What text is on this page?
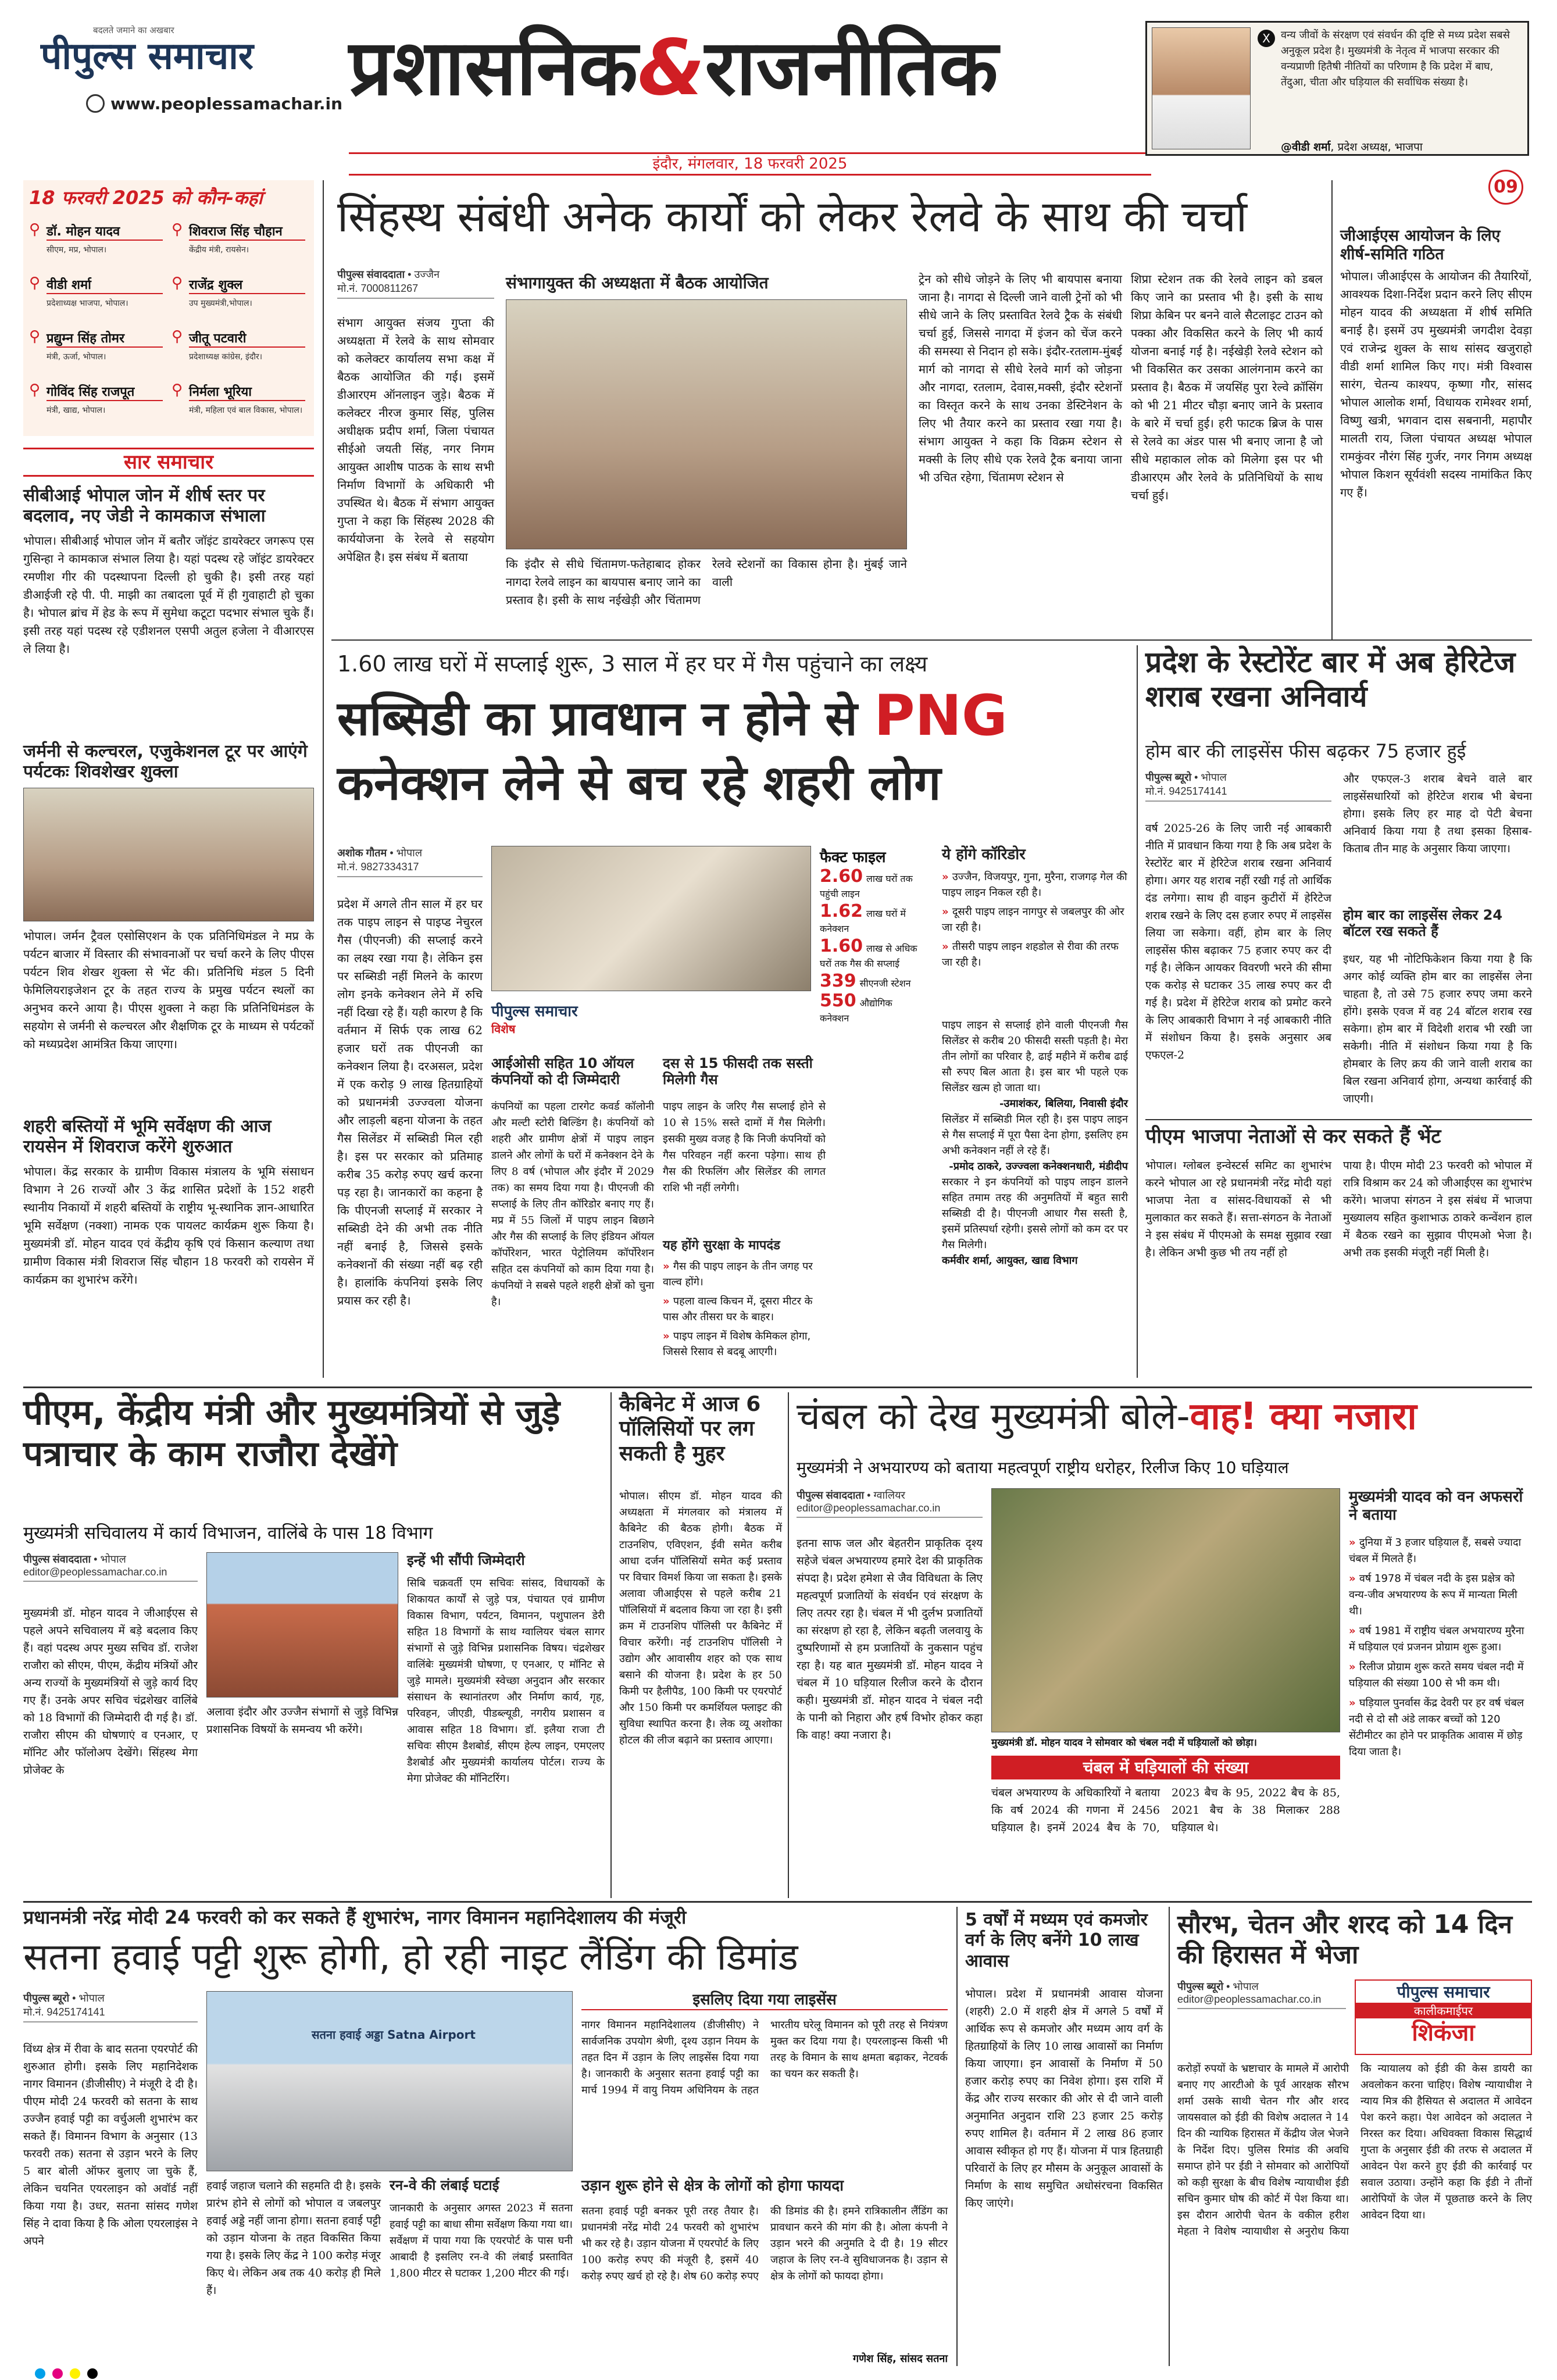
बदलते जमाने का अखबार
पीपुल्स समाचार
www.peoplessamachar.in प्रशासनिक&राजनीतिक
इंदौर, मंगलवार, 18 फरवरी 2025
X	वन्य जीवों के संरक्षण एवं संवर्धन की दृष्टि से मध्य प्रदेश सबसे अनुकूल प्रदेश है। मुख्यमंत्री के नेतृत्व में भाजपा सरकार की वन्यप्राणी हितैषी नीतियों का परिणाम है कि प्रदेश में बाघ, तेंदुआ, चीता और घड़ियाल की सर्वाधिक संख्या है।
@वीडी शर्मा, प्रदेश अध्यक्ष, भाजपा
09
18 फरवरी 2025 को कौन-कहां
⚲ डॉ. मोहन यादव
सीएम, मप्र, भोपाल।
⚲ शिवराज सिंह चौहान
केंद्रीय मंत्री, रायसेन।
⚲ वीडी शर्मा
प्रदेशाध्यक्ष भाजपा, भोपाल।
⚲ राजेंद्र शुक्ल
उप मुख्यमंत्री,भोपाल।
⚲ प्रद्युम्न सिंह तोमर
मंत्री, ऊर्जा, भोपाल।
⚲ जीतू पटवारी
प्रदेशाध्यक्ष कांग्रेस, इंदौर।
⚲ गोविंद सिंह राजपूत
मंत्री, खाद्य, भोपाल।
⚲ निर्मला भूरिया
मंत्री, महिला एवं बाल विकास, भोपाल।
सार समाचार
सीबीआई भोपाल जोन में शीर्ष स्तर पर बदलाव, नए जेडी ने कामकाज संभाला
भोपाल। सीबीआई भोपाल जोन में बतौर जॉइंट डायरेक्टर जगरूप एस गुसिन्हा ने कामकाज संभाल लिया है। यहां पदस्थ रहे जॉइंट डायरेक्टर रमणीश गीर की पदस्थापना दिल्ली हो चुकी है। इसी तरह यहां डीआईजी रहे पी. पी. माझी का तबादला पूर्व में ही गुवाहाटी हो चुका है। भोपाल ब्रांच में हेड के रूप में सुमेधा कटूटा पदभार संभाल चुके हैं। इसी तरह यहां पदस्थ रहे एडीशनल एसपी अतुल हजेला ने वीआरएस ले लिया है।
जर्मनी से कल्चरल, एजुकेशनल टूर पर आएंगे पर्यटकः शिवशेखर शुक्ला
भोपाल। जर्मन ट्रैवल एसोसिएशन के एक प्रतिनिधिमंडल ने मप्र के पर्यटन बाजार में विस्तार की संभावनाओं पर चर्चा करने के लिए पीएस पर्यटन शिव शेखर शुक्ला से भेंट की। प्रतिनिधि मंडल 5 दिनी फेमिलियराइजेशन टूर के तहत राज्य के प्रमुख पर्यटन स्थलों का अनुभव करने आया है। पीएस शुक्ला ने कहा कि प्रतिनिधिमंडल के सहयोग से जर्मनी से कल्चरल और शैक्षणिक टूर के माध्यम से पर्यटकों को मध्यप्रदेश आमंत्रित किया जाएगा।
शहरी बस्तियों में भूमि सर्वेक्षण की आज रायसेन में शिवराज करेंगे शुरुआत
भोपाल। केंद्र सरकार के ग्रामीण विकास मंत्रालय के भूमि संसाधन विभाग ने 26 राज्यों और 3 केंद्र शासित प्रदेशों के 152 शहरी स्थानीय निकायों में शहरी बस्तियों के राष्ट्रीय भू-स्थानिक ज्ञान-आधारित भूमि सर्वेक्षण (नक्शा) नामक एक पायलट कार्यक्रम शुरू किया है। मुख्यमंत्री डॉ. मोहन यादव एवं केंद्रीय कृषि एवं किसान कल्याण तथा ग्रामीण विकास मंत्री शिवराज सिंह चौहान 18 फरवरी को रायसेन में कार्यक्रम का शुभारंभ करेंगे।
सिंहस्थ संबंधी अनेक कार्यों को लेकर रेलवे के साथ की चर्चा
पीपुल्स संवाददाता • उज्जैन
मो.नं. 7000811267
संभाग आयुक्त संजय गुप्ता की अध्यक्षता में रेलवे के साथ सोमवार को कलेक्टर कार्यालय सभा कक्ष में बैठक आयोजित की गई। इसमें डीआरएम ऑनलाइन जुड़े। बैठक में कलेक्टर नीरज कुमार सिंह, पुलिस अधीक्षक प्रदीप शर्मा, जिला पंचायत सीईओ जयती सिंह, नगर निगम आयुक्त आशीष पाठक के साथ सभी निर्माण विभागों के अधिकारी भी उपस्थित थे। बैठक में संभाग आयुक्त गुप्ता ने कहा कि सिंहस्थ 2028 की कार्ययोजना के रेलवे से सहयोग अपेक्षित है। इस संबंध में बताया
संभागायुक्त की अध्यक्षता में बैठक आयोजित
कि इंदौर से सीधे चिंतामण-फतेहाबाद होकर नागदा रेलवे लाइन का बायपास बनाए जाने का प्रस्ताव है। इसी के साथ नईखेड़ी और चिंतामण रेलवे स्टेशनों का विकास होना है। मुंबई जाने वाली
ट्रेन को सीधे जोड़ने के लिए भी बायपास बनाया जाना है। नागदा से दिल्ली जाने वाली ट्रेनों को भी सीधे जाने के लिए प्रस्तावित रेलवे ट्रैक के संबंधी चर्चा हुई, जिससे नागदा में इंजन को चेंज करने की समस्या से निदान हो सके। इंदौर-रतलाम-मुंबई मार्ग को नागदा से सीधे रेलवे मार्ग को जोड़ना और नागदा, रतलाम, देवास,मक्सी, इंदौर स्टेशनों का विस्तृत करने के साथ उनका डेस्टिनेशन के लिए भी तैयार करने का प्रस्ताव रखा गया है। संभाग आयुक्त ने कहा कि विक्रम स्टेशन से मक्सी के लिए सीधे एक रेलवे ट्रैक बनाया जाना भी उचित रहेगा, चिंतामण स्टेशन से
शिप्रा स्टेशन तक की रेलवे लाइन को डबल किए जाने का प्रस्ताव भी है। इसी के साथ शिप्रा केबिन पर बनने वाले सैटलाइट टाउन को पक्का और विकसित करने के लिए भी कार्य योजना बनाई गई है। नईखेड़ी रेलवे स्टेशन को भी विकसित कर उसका आलंगनाम करने का प्रस्ताव है। बैठक में जयसिंह पुरा रेल्वे क्रॉसिंग को भी 21 मीटर चौड़ा बनाए जाने के प्रस्ताव के बारे में चर्चा हुई। हरी फाटक ब्रिज के पास से रेलवे का अंडर पास भी बनाए जाना है जो सीधे महाकाल लोक को मिलेगा इस पर भी डीआरएम और रेलवे के प्रतिनिधियों के साथ चर्चा हुई।
जीआईएस आयोजन के लिए शीर्ष-समिति गठित
भोपाल। जीआईएस के आयोजन की तैयारियों, आवश्यक दिशा-निर्देश प्रदान करने लिए सीएम मोहन यादव की अध्यक्षता में शीर्ष समिति बनाई है। इसमें उप मुख्यमंत्री जगदीश देवड़ा एवं राजेन्द्र शुक्ल के साथ सांसद खजुराहो वीडी शर्मा शामिल किए गए। मंत्री विश्वास सारंग, चेतन्य काश्यप, कृष्णा गौर, सांसद भोपाल आलोक शर्मा, विधायक रामेश्वर शर्मा, विष्णु खत्री, भगवान दास सबनानी, महापौर मालती राय, जिला पंचायत अध्यक्ष भोपाल रामकुंवर नौरंग सिंह गुर्जर, नगर निगम अध्यक्ष भोपाल किशन सूर्यवंशी सदस्य नामांकित किए गए हैं।
1.60 लाख घरों में सप्लाई शुरू, 3 साल में हर घर में गैस पहुंचाने का लक्ष्य
सब्सिडी का प्रावधान न होने से PNG
कनेक्शन लेने से बच रहे शहरी लोग
अशोक गौतम • भोपाल
मो.नं. 9827334317
प्रदेश में अगले तीन साल में हर घर तक पाइप लाइन से पाइप्ड नेचुरल गैस (पीएनजी) की सप्लाई करने का लक्ष्य रखा गया है। लेकिन इस पर सब्सिडी नहीं मिलने के कारण लोग इनके कनेक्शन लेने में रुचि नहीं दिखा रहे हैं। यही कारण है कि वर्तमान में सिर्फ एक लाख 62 हजार घरों तक पीएनजी का कनेक्शन लिया है। दरअसल, प्रदेश में एक करोड़ 9 लाख हितग्राहियों को प्रधानमंत्री उज्ज्वला योजना और लाड़ली बहना योजना के तहत गैस सिलेंडर में सब्सिडी मिल रही है। इस पर सरकार को प्रतिमाह करीब 35 करोड़ रुपए खर्च करना पड़ रहा है। जानकारों का कहना है कि पीएनजी सप्लाई में सरकार ने सब्सिडी देने की अभी तक नीति नहीं बनाई है, जिससे इसके कनेक्शनों की संख्या नहीं बढ़ रही है। हालांकि कंपनियां इसके लिए प्रयास कर रही है।
पीपुल्स समाचार
विशेष
फैक्ट फाइल
2.60 लाख घरों तक पहुंची लाइन
1.62 लाख घरों में कनेक्शन
1.60 लाख से अधिक घरों तक गैस की सप्लाई
339 सीएनजी स्टेशन
550 औद्योगिक कनेक्शन
आईओसी सहित 10 ऑयल कंपनियों को दी जिम्मेदारी
कंपनियों का पहला टारगेट कवर्ड कॉलोनी और मल्टी स्टोरी बिल्डिंग है। कंपनियों को शहरी और ग्रामीण क्षेत्रों में पाइप लाइन डालने और लोगों के घरों में कनेक्शन देने के लिए 8 वर्ष (भोपाल और इंदौर में 2029 तक) का समय दिया गया है। पीएनजी की सप्लाई के लिए तीन कॉरिडोर बनाए गए हैं। मप्र में 55 जिलों में पाइप लाइन बिछाने और गैस की सप्लाई के लिए इंडियन ऑयल कॉर्पोरेशन, भारत पेट्रोलियम कॉर्पोरेशन सहित दस कंपनियों को काम दिया गया है। कंपनियों ने सबसे पहले शहरी क्षेत्रों को चुना है।
दस से 15 फीसदी तक सस्ती मिलेगी गैस
पाइप लाइन के जरिए गैस सप्लाई होने से 10 से 15% सस्ते दामों में गैस मिलेगी। इसकी मुख्य वजह है कि निजी कंपनियों को गैस परिवहन नहीं करना पड़ेगा। साथ ही गैस की रिफलिंग और सिलेंडर की लागत राशि भी नहीं लगेगी।
यह होंगे सुरक्षा के मापदंड
» गैस की पाइप लाइन के तीन जगह पर वाल्व होंगे।
» पहला वाल्व किचन में, दूसरा मीटर के पास और तीसरा घर के बाहर।
» पाइप लाइन में विशेष केमिकल होगा, जिससे रिसाव से बदबू आएगी।
ये होंगे कॉरिडोर
» उज्जैन, विजयपुर, गुना, मुरैना, राजगढ़ गेल की पाइप लाइन निकल रही है।
» दूसरी पाइप लाइन नागपुर से जबलपुर की ओर जा रही है।
» तीसरी पाइप लाइन शहडोल से रीवा की तरफ जा रही है।
पाइप लाइन से सप्लाई होने वाली पीएनजी गैस सिलेंडर से करीब 20 फीसदी सस्ती पड़ती है। मेरा तीन लोगों का परिवार है, ढाई महीने में करीब ढाई सौ रुपए बिल आता है। इस बार भी पहले एक सिलेंडर खत्म हो जाता था।
-उमाशंकर, बिलिया, निवासी इंदौर
सिलेंडर में सब्सिडी मिल रही है। इस पाइप लाइन से गैस सप्लाई में पूरा पैसा देना होगा, इसलिए हम अभी कनेक्शन नहीं ले रहे हैं।
-प्रमोद ठाकरे, उज्ज्वला कनेक्शनधारी, मंडीदीप
सरकार ने इन कंपनियों को पाइप लाइन डालने सहित तमाम तरह की अनुमतियों में बहुत सारी सब्सिडी दी है। पीएनजी आधार गैस सस्ती है, इसमें प्रतिस्पर्धा रहेगी। इससे लोगों को कम दर पर गैस मिलेगी।
कर्मवीर शर्मा, आयुक्त, खाद्य विभाग
प्रदेश के रेस्टोरेंट बार में अब हेरिटेज शराब रखना अनिवार्य
होम बार की लाइसेंस फीस बढ़कर 75 हजार हुई
पीपुल्स ब्यूरो • भोपाल
मो.नं. 9425174141
वर्ष 2025-26 के लिए जारी नई आबकारी नीति में प्रावधान किया गया है कि अब प्रदेश के रेस्टोरेंट बार में हेरिटेज शराब रखना अनिवार्य होगा। अगर यह शराब नहीं रखी गई तो आर्थिक दंड लगेगा। साथ ही वाइन कुटीरों में हेरिटेज शराब रखने के लिए दस हजार रुपए में लाइसेंस लिया जा सकेगा। वहीं, होम बार के लिए लाइसेंस फीस बढ़ाकर 75 हजार रुपए कर दी गई है। लेकिन आयकर विवरणी भरने की सीमा एक करोड़ से घटाकर 35 लाख रुपए कर दी गई है। प्रदेश में हेरिटेज शराब को प्रमोट करने के लिए आबकारी विभाग ने नई आबकारी नीति में संशोधन किया है। इसके अनुसार अब एफएल-2
और एफएल-3 शराब बेचने वाले बार लाइसेंसधारियों को हेरिटेज शराब भी बेचना होगा। इसके लिए हर माह दो पेटी बेचना अनिवार्य किया गया है तथा इसका हिसाब-किताब तीन माह के अनुसार किया जाएगा।
होम बार का लाइसेंस लेकर 24 बॉटल रख सकते हैं
इधर, यह भी नोटिफिकेशन किया गया है कि अगर कोई व्यक्ति होम बार का लाइसेंस लेना चाहता है, तो उसे 75 हजार रुपए जमा करने होंगे। इसके एवज में वह 24 बॉटल शराब रख सकेगा। होम बार में विदेशी शराब भी रखी जा सकेगी। नीति में संशोधन किया गया है कि होमबार के लिए क्रय की जाने वाली शराब का बिल रखना अनिवार्य होगा, अन्यथा कार्रवाई की जाएगी।
पीएम भाजपा नेताओं से कर सकते हैं भेंट
भोपाल। ग्लोबल इन्वेस्टर्स समिट का शुभारंभ करने भोपाल आ रहे प्रधानमंत्री नरेंद्र मोदी यहां भाजपा नेता व सांसद-विधायकों से भी मुलाकात कर सकते हैं। सत्ता-संगठन के नेताओं ने इस संबंध में पीएमओ के समक्ष सुझाव रखा है। लेकिन अभी कुछ भी तय नहीं हो
पाया है। पीएम मोदी 23 फरवरी को भोपाल में रात्रि विश्राम कर 24 को जीआईएस का शुभारंभ करेंगे। भाजपा संगठन ने इस संबंध में भाजपा मुख्यालय सहित कुशाभाऊ ठाकरे कन्वेंशन हाल में बैठक रखने का सुझाव पीएमओ भेजा है। अभी तक इसकी मंजूरी नहीं मिली है।
पीएम, केंद्रीय मंत्री और मुख्यमंत्रियों से जुड़े पत्राचार के काम राजौरा देखेंगे
मुख्यमंत्री सचिवालय में कार्य विभाजन, वालिंबे के पास 18 विभाग
पीपुल्स संवाददाता • भोपाल
editor@peoplessamachar.co.in
मुख्यमंत्री डॉ. मोहन यादव ने जीआईएस से पहले अपने सचिवालय में बड़े बदलाव किए हैं। वहां पदस्थ अपर मुख्य सचिव डॉ. राजेश राजौरा को सीएम, पीएम, केंद्रीय मंत्रियों और अन्य राज्यों के मुख्यमंत्रियों से जुड़े कार्य दिए गए हैं। उनके अपर सचिव चंद्रशेखर वालिंबे को 18 विभागों की जिम्मेदारी दी गई है। डॉ. राजौरा सीएम की घोषणाएं व एनआर, ए मॉनिट और फॉलोअप देखेंगे। सिंहस्थ मेगा प्रोजेक्ट के
अलावा इंदौर और उज्जैन संभागों से जुड़े विभिन्न प्रशासनिक विषयों के समन्वय भी करेंगे।
इन्हें भी सौंपी जिम्मेदारी
सिबि चक्रवर्ती एम सचिवः सांसद, विधायकों के शिकायत कार्यों से जुड़े पत्र, पंचायत एवं ग्रामीण विकास विभाग, पर्यटन, विमानन, पशुपालन डेरी सहित 18 विभागों के साथ ग्वालियर चंबल सागर संभागों से जुड़े विभिन्न प्रशासनिक विषय। चंद्रशेखर वालिंबेः मुख्यमंत्री घोषणा, ए एनआर, ए मॉनिट से जुड़े मामले। मुख्यमंत्री स्वेच्छा अनुदान और सरकार संसाधन के स्थानांतरण और निर्माण कार्य, गृह, परिवहन, जीएडी, पीडब्ल्यूडी, नगरीय प्रशासन व आवास सहित 18 विभाग। डॉ. इलैया राजा टी सचिवः सीएम डैशबोर्ड, सीएम हेल्प लाइन, एमएलए डैशबोर्ड और मुख्यमंत्री कार्यालय पोर्टल। राज्य के मेगा प्रोजेक्ट की मॉनिटरिंग।
कैबिनेट में आज 6 पॉलिसियों पर लग सकती है मुहर
भोपाल। सीएम डॉ. मोहन यादव की अध्यक्षता में मंगलवार को मंत्रालय में कैबिनेट की बैठक होगी। बैठक में टाउनशिप, एविएशन, ईवी समेत करीब आधा दर्जन पॉलिसियों समेत कई प्रस्ताव पर विचार विमर्श किया जा सकता है। इसके अलावा जीआईएस से पहले करीब 21 पॉलिसियों में बदलाव किया जा रहा है। इसी क्रम में टाउनशिप पॉलिसी पर कैबिनेट में विचार करेंगी। नई टाउनशिप पॉलिसी ने उद्योग और आवासीय शहर को एक साथ बसाने की योजना है। प्रदेश के हर 50 किमी पर हैलीपैड, 100 किमी पर एयरपोर्ट और 150 किमी पर कमर्शियल फ्लाइट की सुविधा स्थापित करना है। लेक व्यू अशोका होटल की लीज बढ़ाने का प्रस्ताव आएगा।
चंबल को देख मुख्यमंत्री बोले-वाह! क्या नजारा
मुख्यमंत्री ने अभयारण्य को बताया महत्वपूर्ण राष्ट्रीय धरोहर, रिलीज किए 10 घड़ियाल
पीपुल्स संवाददाता • ग्वालियर
editor@peoplessamachar.co.in
इतना साफ जल और बेहतरीन प्राकृतिक दृश्य सहेजे चंबल अभयारण्य हमारे देश की प्राकृतिक संपदा है। प्रदेश हमेशा से जैव विविधता के लिए महत्वपूर्ण प्रजातियों के संवर्धन एवं संरक्षण के लिए तत्पर रहा है। चंबल में भी दुर्लभ प्रजातियों का संरक्षण हो रहा है, लेकिन बढ़ती जलवायु के दुष्परिणामों से हम प्रजातियों के नुकसान पहुंच रहा है। यह बात मुख्यमंत्री डॉ. मोहन यादव ने चंबल में 10 घड़ियाल रिलीज करने के दौरान कही। मुख्यमंत्री डॉ. मोहन यादव ने चंबल नदी के पानी को निहारा और हर्ष विभोर होकर कहा कि वाह! क्या नजारा है।
मुख्यमंत्री डॉ. मोहन यादव ने सोमवार को चंबल नदी में घड़ियालों को छोड़ा।
मुख्यमंत्री यादव को वन अफसरों ने बताया
» दुनिया में 3 हजार घड़ियाल हैं, सबसे ज्यादा चंबल में मिलते हैं।
» वर्ष 1978 में चंबल नदी के इस प्रक्षेत्र को वन्य-जीव अभयारण्य के रूप में मान्यता मिली थी।
» वर्ष 1981 में राष्ट्रीय चंबल अभयारण्य मुरैना में घड़ियाल एवं प्रजनन प्रोग्राम शुरू हुआ।
» रिलीज प्रोग्राम शुरू करते समय चंबल नदी में घड़ियाल की संख्या 100 से भी कम थी।
» घड़ियाल पुनर्वास केंद्र देवरी पर हर वर्ष चंबल नदी से दो सौ अंडे लाकर बच्चों को 120 सेंटीमीटर का होने पर प्राकृतिक आवास में छोड़ दिया जाता है।
चंबल में घड़ियालों की संख्या
चंबल अभयारण्य के अधिकारियों ने बताया कि वर्ष 2024 की गणना में 2456 घड़ियाल है। इनमें 2024 बैच के 70, 2023 बैच के 95, 2022 बैच के 85, 2021 बैच के 38 मिलाकर 288 घड़ियाल थे।
प्रधानमंत्री नरेंद्र मोदी 24 फरवरी को कर सकते हैं शुभारंभ, नागर विमानन महानिदेशालय की मंजूरी
सतना हवाई पट्टी शुरू होगी, हो रही नाइट लैंडिंग की डिमांड
पीपुल्स ब्यूरो • भोपाल
मो.नं. 9425174141
विंध्य क्षेत्र में रीवा के बाद सतना एयरपोर्ट की शुरुआत होगी। इसके लिए महानिदेशक नागर विमानन (डीजीसीए) ने मंजूरी दे दी है। पीएम मोदी 24 फरवरी को सतना के साथ उज्जैन हवाई पट्टी का वर्चुअली शुभारंभ कर सकते हैं। विमानन विभाग के अनुसार (13 फरवरी तक) सतना से उड़ान भरने के लिए 5 बार बोली ऑफर बुलाए जा चुके हैं, लेकिन चयनित एयरलाइन को अवॉर्ड नहीं किया गया है। उधर, सतना सांसद गणेश सिंह ने दावा किया है कि ओला एयरलाइंस ने अपने
सतना हवाई अड्डा Satna Airport
हवाई जहाज चलाने की सहमति दी है। इसके प्रारंभ होने से लोगों को भोपाल व जबलपुर हवाई अड्डे नहीं जाना होगा। सतना हवाई पट्टी को उड़ान योजना के तहत विकसित किया गया है। इसके लिए केंद्र ने 100 करोड़ मंजूर किए थे। लेकिन अब तक 40 करोड़ ही मिले हैं।
रन-वे की लंबाई घटाई
जानकारी के अनुसार अगस्त 2023 में सतना हवाई पट्टी का बाधा सीमा सर्वेक्षण किया गया था। सर्वेक्षण में पाया गया कि एयरपोर्ट के पास घनी आबादी है इसलिए रन-वे की लंबाई प्रस्तावित 1,800 मीटर से घटाकर 1,200 मीटर की गई।
इसलिए दिया गया लाइसेंस
नागर विमानन महानिदेशालय (डीजीसीए) ने सार्वजनिक उपयोग श्रेणी, दृश्य उड़ान नियम के तहत दिन में उड़ान के लिए लाइसेंस दिया गया है। जानकारी के अनुसार सतना हवाई पट्टी का मार्च 1994 में वायु नियम अधिनियम के तहत भारतीय घरेलू विमानन को पूरी तरह से नियंत्रण मुक्त कर दिया गया है। एयरलाइन्स किसी भी तरह के विमान के साथ क्षमता बढ़ाकर, नेटवर्क का चयन कर सकती है।
उड़ान शुरू होने से क्षेत्र के लोगों को होगा फायदा
सतना हवाई पट्टी बनकर पूरी तरह तैयार है। प्रधानमंत्री नरेंद्र मोदी 24 फरवरी को शुभारंभ भी कर रहे है। उड़ान योजना में एयरपोर्ट के लिए 100 करोड़ रुपए की मंजूरी है, इसमें 40 करोड़ रुपए खर्च हो रहे है। शेष 60 करोड़ रुपए की डिमांड की है। हमने रात्रिकालीन लैंडिंग का प्रावधान करने की मांग की है। ओला कंपनी ने उड़ान भरने की अनुमति दे दी है। 19 सीटर जहाज के लिए रन-वे सुविधाजनक है। उड़ान से क्षेत्र के लोगों को फायदा होगा।
गणेश सिंह, सांसद सतना
5 वर्षों में मध्यम एवं कमजोर वर्ग के लिए बनेंगे 10 लाख आवास
भोपाल। प्रदेश में प्रधानमंत्री आवास योजना (शहरी) 2.0 में शहरी क्षेत्र में अगले 5 वर्षों में आर्थिक रूप से कमजोर और मध्यम आय वर्ग के हितग्राहियों के लिए 10 लाख आवासों का निर्माण किया जाएगा। इन आवासों के निर्माण में 50 हजार करोड़ रुपए का निवेश होगा। इस राशि में केंद्र और राज्य सरकार की ओर से दी जाने वाली अनुमानित अनुदान राशि 23 हजार 25 करोड़ रुपए शामिल है। वर्तमान में 2 लाख 86 हजार आवास स्वीकृत हो गए हैं। योजना में पात्र हितग्राही परिवारों के लिए हर मौसम के अनुकूल आवासों के निर्माण के साथ समुचित अधोसंरचना विकसित किए जाएंगे।
सौरभ, चेतन और शरद को 14 दिन की हिरासत में भेजा
पीपुल्स ब्यूरो • भोपाल
editor@peoplessamachar.co.in	पीपुल्स समाचार
कालीकमाईपर
शिकंजा
करोड़ों रुपयों के भ्रष्टाचार के मामले में आरोपी बनाए गए आरटीओ के पूर्व आरक्षक सौरभ शर्मा उसके साथी चेतन गौर और शरद जायसवाल को ईडी की विशेष अदालत ने 14 दिन की न्यायिक हिरासत में केंद्रीय जेल भेजने के निर्देश दिए। पुलिस रिमांड की अवधि समाप्त होने पर ईडी ने सोमवार को आरोपियों को कड़ी सुरक्षा के बीच विशेष न्यायाधीश ईडी सचिन कुमार घोष की कोर्ट में पेश किया था। इस दौरान आरोपी चेतन के वकील हरीश मेहता ने विशेष न्यायाधीश से अनुरोध किया कि न्यायालय को ईडी की केस डायरी का अवलोकन करना चाहिए। विशेष न्यायाधीश ने न्याय मित्र की हैसियत से अदालत में आवेदन पेश करने कहा। पेश आवेदन को अदालत ने निरस्त कर दिया। अधिवक्ता विकास सिद्धार्थ गुप्ता के अनुसार ईडी की तरफ से अदालत में आवेदन पेश करने हुए ईडी की कार्रवाई पर सवाल उठाया। उन्होंने कहा कि ईडी ने तीनों आरोपियों के जेल में पूछताछ करने के लिए आवेदन दिया था।
